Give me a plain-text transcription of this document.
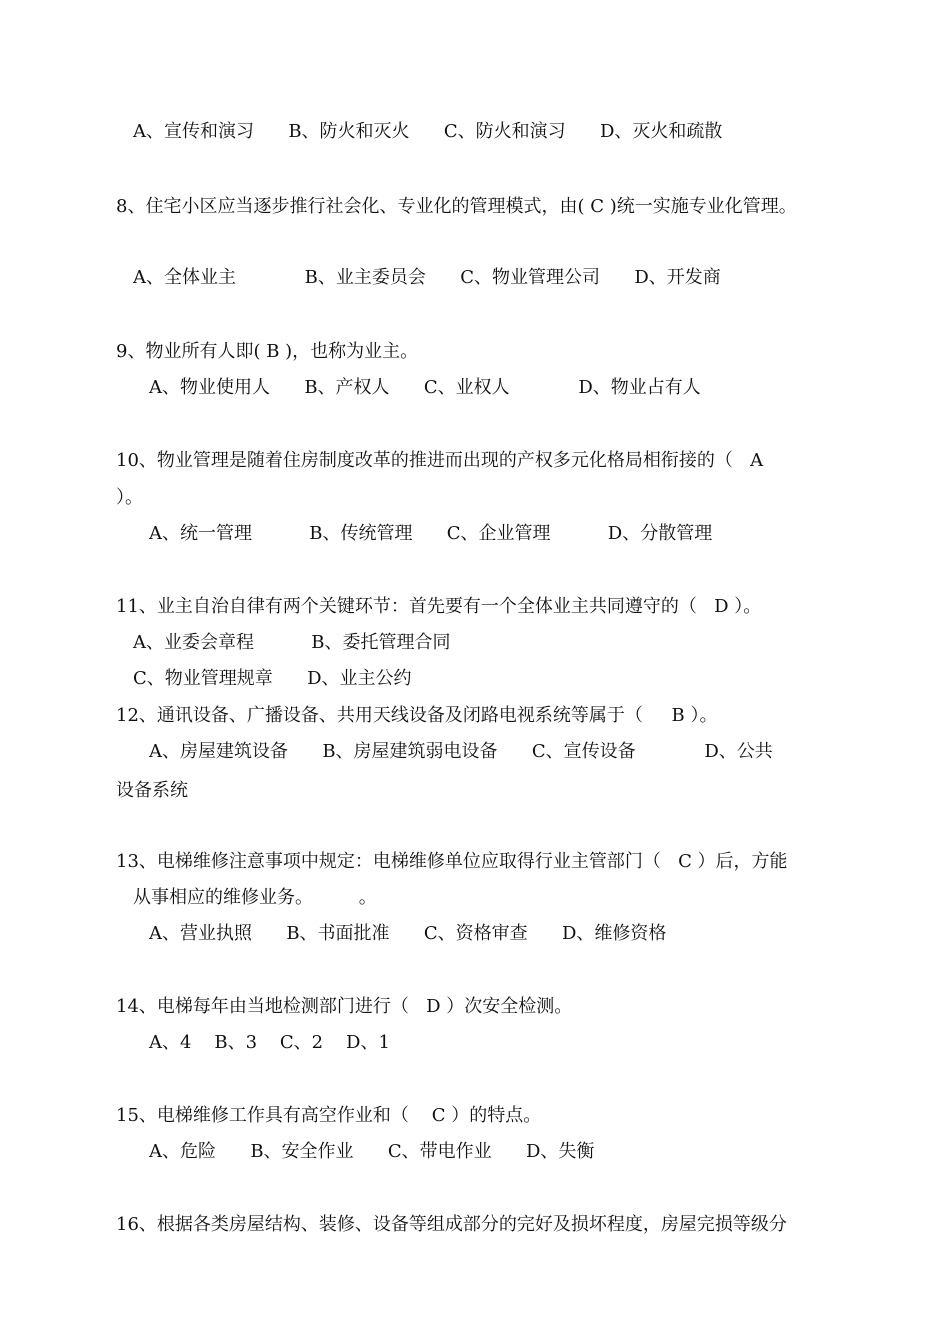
A、宣传和演习      B、防火和灭火      C、防火和演习      D、灭火和疏散
8、住宅小区应当逐步推行社会化、专业化的管理模式，由( C )统一实施专业化管理。
A、全体业主            B、业主委员会      C、物业管理公司      D、开发商
9、物业所有人即( B )，也称为业主。
A、物业使用人      B、产权人      C、业权人            D、物业占有人
10、物业管理是随着住房制度改革的推进而出现的产权多元化格局相衔接的（   A
）。
A、统一管理          B、传统管理      C、企业管理          D、分散管理
11、业主自治自律有两个关键环节：首先要有一个全体业主共同遵守的（   D ）。
A、业委会章程          B、委托管理合同
C、物业管理规章      D、业主公约
12、通讯设备、广播设备、共用天线设备及闭路电视系统等属于（     B ）。
A、房屋建筑设备      B、房屋建筑弱电设备      C、宣传设备            D、公共
设备系统
13、电梯维修注意事项中规定：电梯维修单位应取得行业主管部门（   C ）后，方能
从事相应的维修业务。        。
A、营业执照      B、书面批准      C、资格审查      D、维修资格
14、电梯每年由当地检测部门进行（   D ）次安全检测。
A、4    B、3    C、2    D、1
15、电梯维修工作具有高空作业和（    C ）的特点。
A、危险      B、安全作业      C、带电作业      D、失衡
16、根据各类房屋结构、装修、设备等组成部分的完好及损坏程度，房屋完损等级分
